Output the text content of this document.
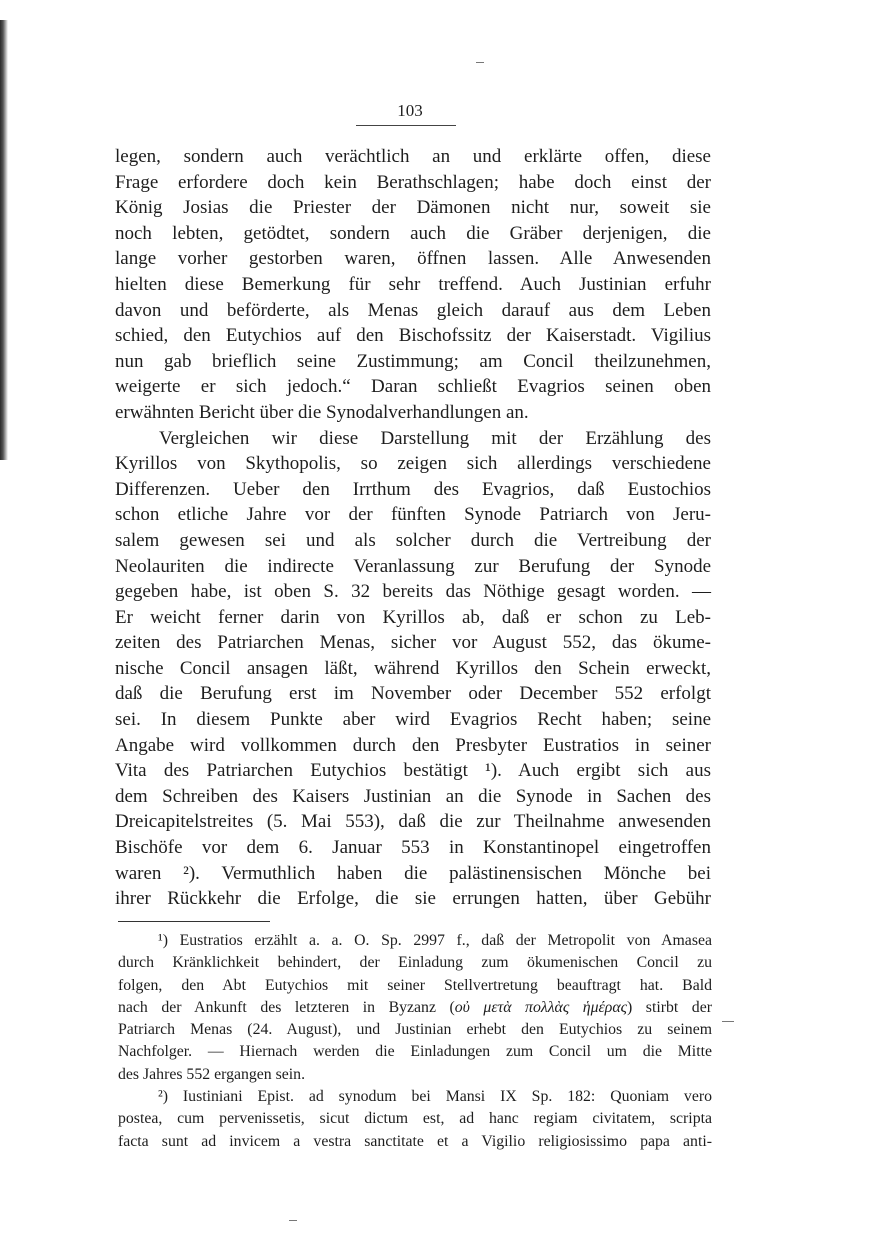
103
legen, sondern auch verächtlich an und erklärte offen, diese
Frage erfordere doch kein Berathschlagen; habe doch einst der
König Josias die Priester der Dämonen nicht nur, soweit sie
noch lebten, getödtet, sondern auch die Gräber derjenigen, die
lange vorher gestorben waren, öffnen lassen. Alle Anwesenden
hielten diese Bemerkung für sehr treffend. Auch Justinian erfuhr
davon und beförderte, als Menas gleich darauf aus dem Leben
schied, den Eutychios auf den Bischofssitz der Kaiserstadt. Vigilius
nun gab brieflich seine Zustimmung; am Concil theilzunehmen,
weigerte er sich jedoch.“ Daran schließt Evagrios seinen oben
erwähnten Bericht über die Synodalverhandlungen an.
Vergleichen wir diese Darstellung mit der Erzählung des
Kyrillos von Skythopolis, so zeigen sich allerdings verschiedene
Differenzen. Ueber den Irrthum des Evagrios, daß Eustochios
schon etliche Jahre vor der fünften Synode Patriarch von Jeru-
salem gewesen sei und als solcher durch die Vertreibung der
Neolauriten die indirecte Veranlassung zur Berufung der Synode
gegeben habe, ist oben S. 32 bereits das Nöthige gesagt worden. —
Er weicht ferner darin von Kyrillos ab, daß er schon zu Leb-
zeiten des Patriarchen Menas, sicher vor August 552, das ökume-
nische Concil ansagen läßt, während Kyrillos den Schein erweckt,
daß die Berufung erst im November oder December 552 erfolgt
sei. In diesem Punkte aber wird Evagrios Recht haben; seine
Angabe wird vollkommen durch den Presbyter Eustratios in seiner
Vita des Patriarchen Eutychios bestätigt ¹). Auch ergibt sich aus
dem Schreiben des Kaisers Justinian an die Synode in Sachen des
Dreicapitelstreites (5. Mai 553), daß die zur Theilnahme anwesenden
Bischöfe vor dem 6. Januar 553 in Konstantinopel eingetroffen
waren ²). Vermuthlich haben die palästinensischen Mönche bei
ihrer Rückkehr die Erfolge, die sie errungen hatten, über Gebühr
¹) Eustratios erzählt a. a. O. Sp. 2997 f., daß der Metropolit von Amasea
durch Kränklichkeit behindert, der Einladung zum ökumenischen Concil zu
folgen, den Abt Eutychios mit seiner Stellvertretung beauftragt hat. Bald
nach der Ankunft des letzteren in Byzanz (οὐ μετὰ πολλὰς ἡμέρας) stirbt der
Patriarch Menas (24. August), und Justinian erhebt den Eutychios zu seinem
Nachfolger. — Hiernach werden die Einladungen zum Concil um die Mitte
des Jahres 552 ergangen sein.
²) Iustiniani Epist. ad synodum bei Mansi IX Sp. 182: Quoniam vero
postea, cum pervenissetis, sicut dictum est, ad hanc regiam civitatem, scripta
facta sunt ad invicem a vestra sanctitate et a Vigilio religiosissimo papa anti-
